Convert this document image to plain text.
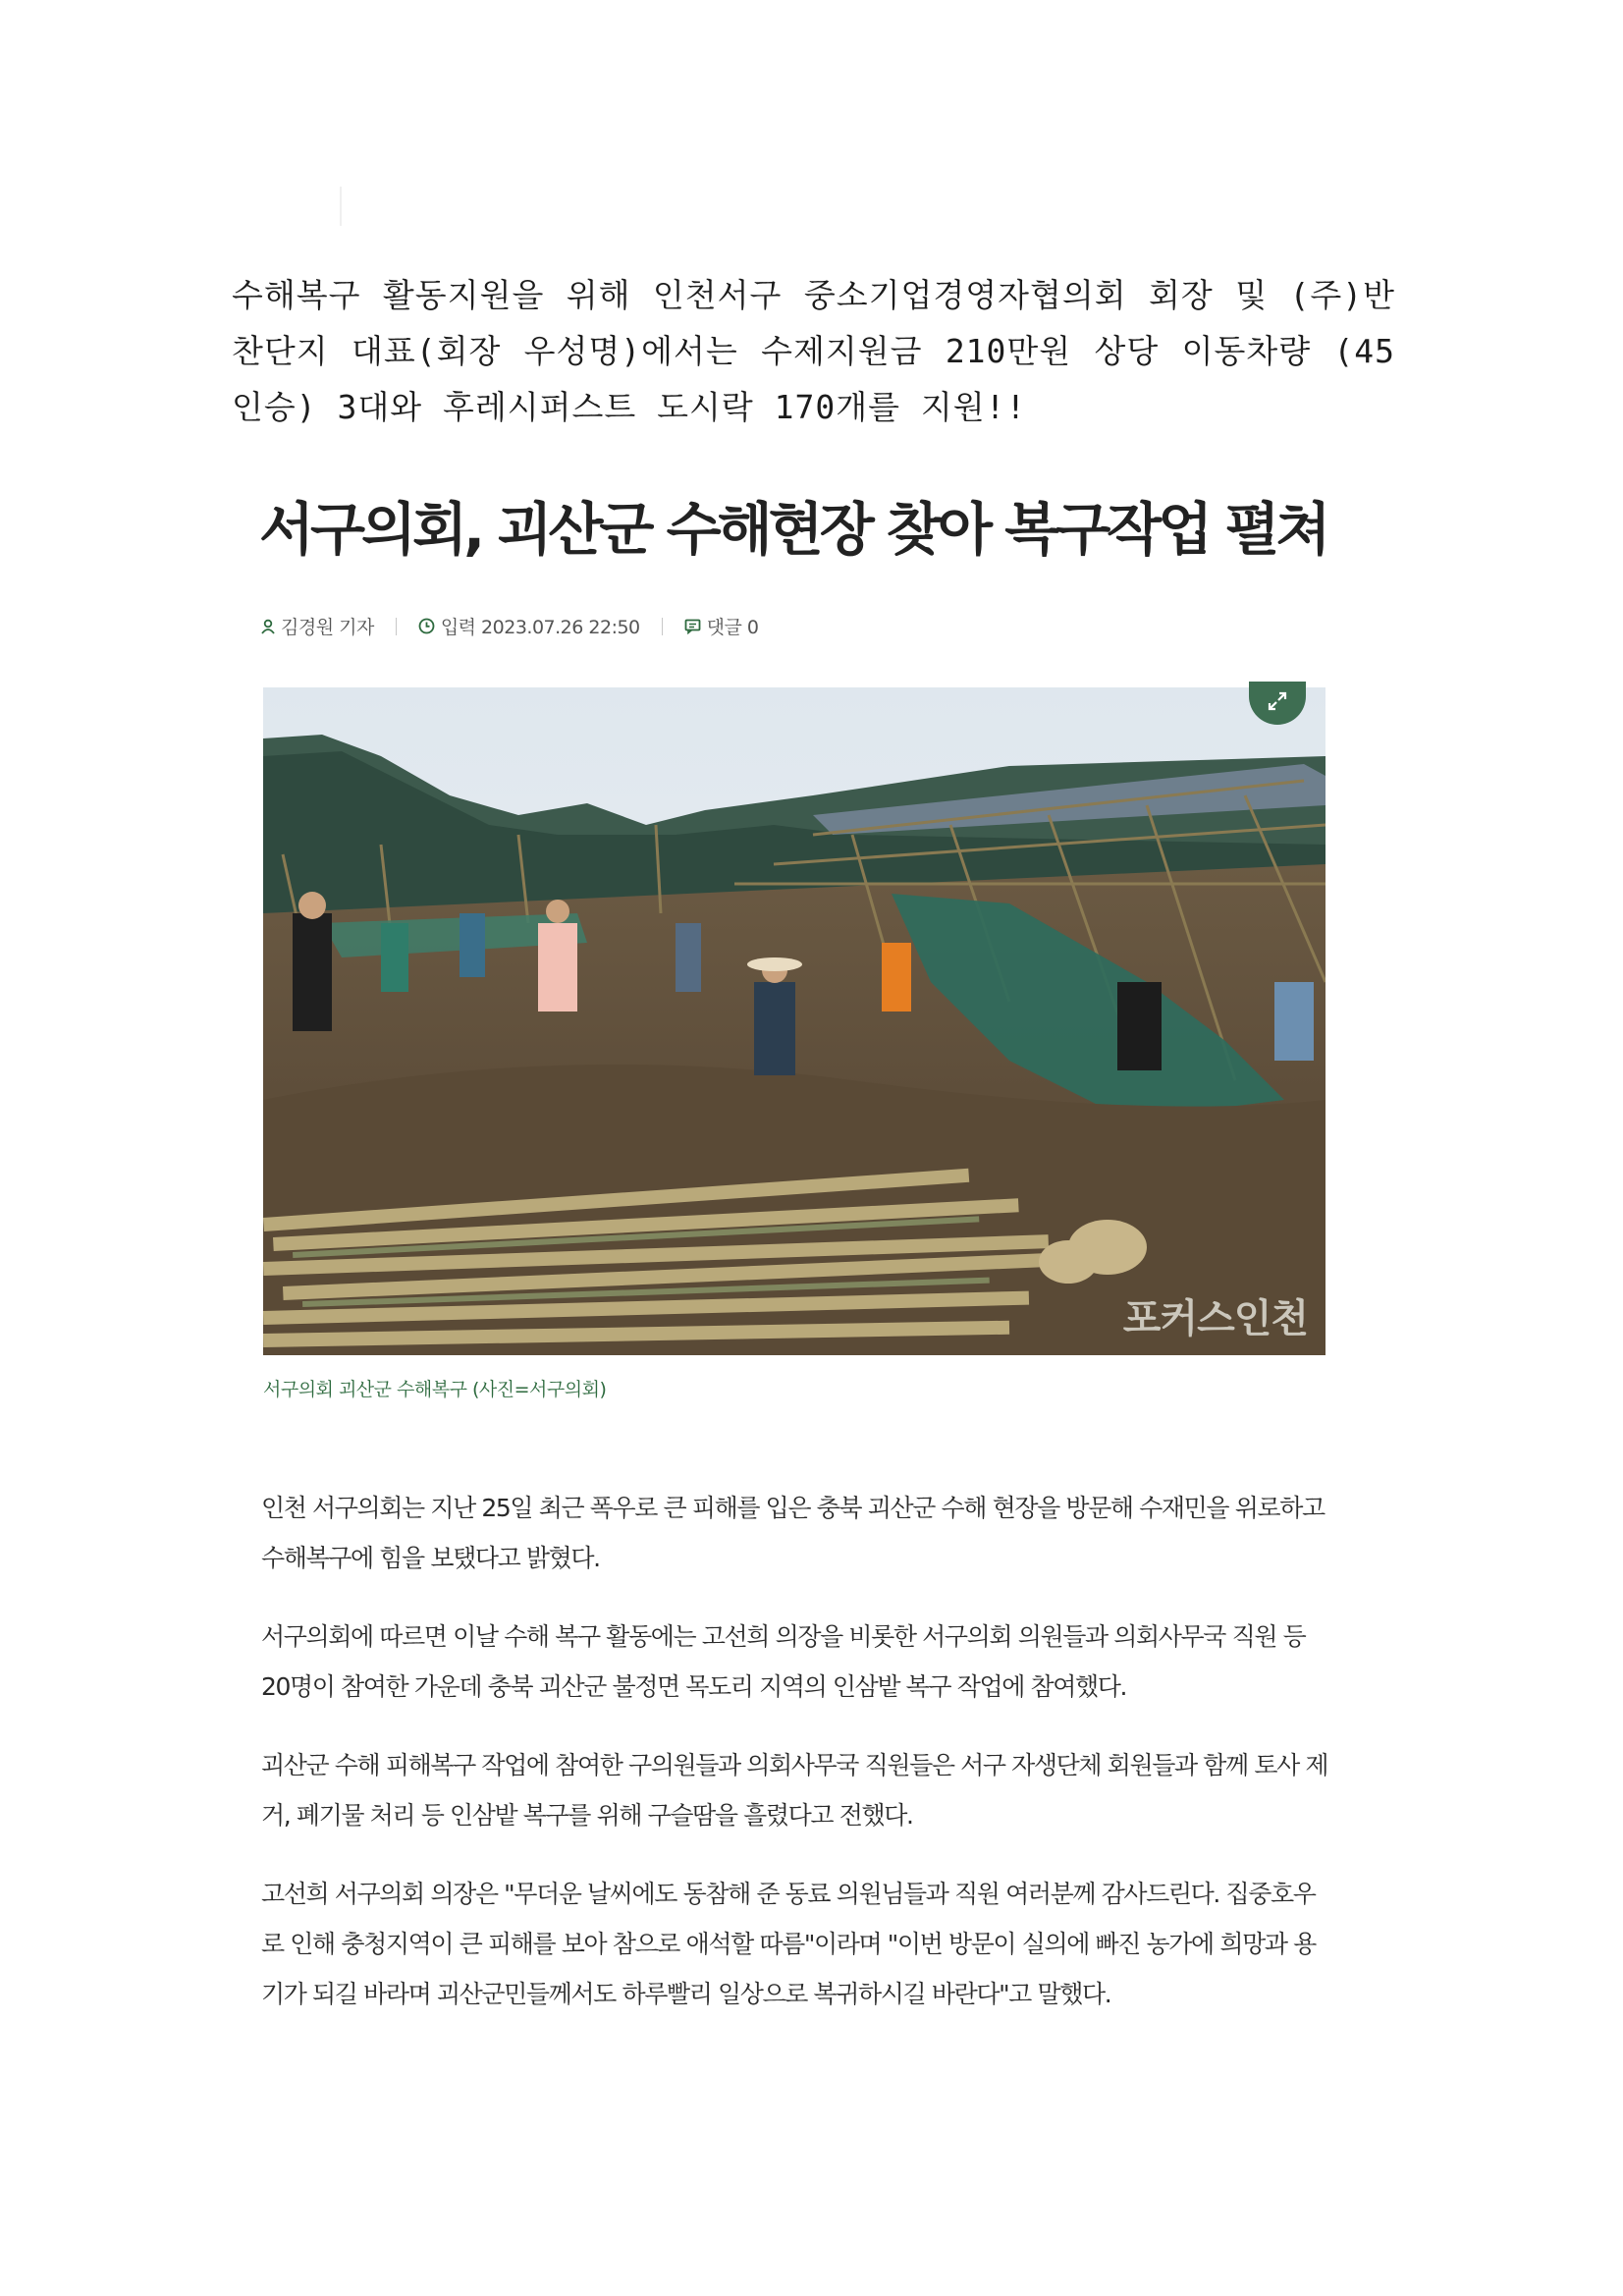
수해복구 활동지원을 위해 인천서구 중소기업경영자협의회 회장 및 (주)반찬단지 대표(회장 우성명)에서는 수제지원금 210만원 상당 이동차량 (45인승) 3대와 후레시퍼스트 도시락 170개를 지원!!

서구의회, 괴산군 수해현장 찾아 복구작업 펼쳐
김경원 기자	입력 2023.07.26 22:50	댓글 0
포커스인천
서구의회 괴산군 수해복구 (사진=서구의회)

인천 서구의회는 지난 25일 최근 폭우로 큰 피해를 입은 충북 괴산군 수해 현장을 방문해 수재민을 위로하고 수해복구에 힘을 보탰다고 밝혔다.

서구의회에 따르면 이날 수해 복구 활동에는 고선희 의장을 비롯한 서구의회 의원들과 의회사무국 직원 등 20명이 참여한 가운데 충북 괴산군 불정면 목도리 지역의 인삼밭 복구 작업에 참여했다.

괴산군 수해 피해복구 작업에 참여한 구의원들과 의회사무국 직원들은 서구 자생단체 회원들과 함께 토사 제거, 폐기물 처리 등 인삼밭 복구를 위해 구슬땀을 흘렸다고 전했다.

고선희 서구의회 의장은 "무더운 날씨에도 동참해 준 동료 의원님들과 직원 여러분께 감사드린다. 집중호우로 인해 충청지역이 큰 피해를 보아 참으로 애석할 따름"이라며 "이번 방문이 실의에 빠진 농가에 희망과 용기가 되길 바라며 괴산군민들께서도 하루빨리 일상으로 복귀하시길 바란다"고 말했다.
